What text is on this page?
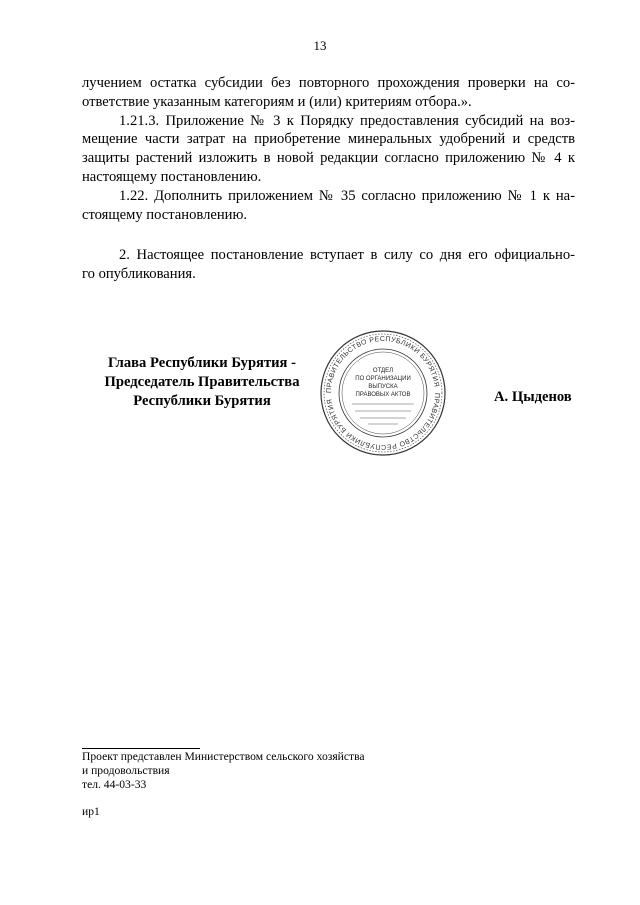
13

лучением остатка субсидии без повторного прохождения проверки на со-
ответствие указанным категориям и (или) критериям отбора.».

1.21.3. Приложение № 3 к Порядку предоставления субсидий на воз-
мещение части затрат на приобретение минеральных удобрений и средств
защиты растений изложить в новой редакции согласно приложению № 4 к
настоящему постановлению.

1.22. Дополнить приложением № 35 согласно приложению № 1 к на-
стоящему постановлению.

2. Настоящее постановление вступает в силу со дня его официально-
го опубликования.

Глава Республики Бурятия -
Председатель Правительства
Республики Бурятия
ПРАВИТЕЛЬСТВО РЕСПУБЛИКИ БУРЯТИЯ
ПРАВИТЕЛЬСТВО РЕСПУБЛИКИ БУРЯТИЯ
ОТДЕЛ
ПО ОРГАНИЗАЦИИ
ВЫПУСКА
ПРАВОВЫХ АКТОВ	А. Цыденов
Проект представлен Министерством сельского хозяйства
и продовольствия
тел. 44-03-33
ир1
